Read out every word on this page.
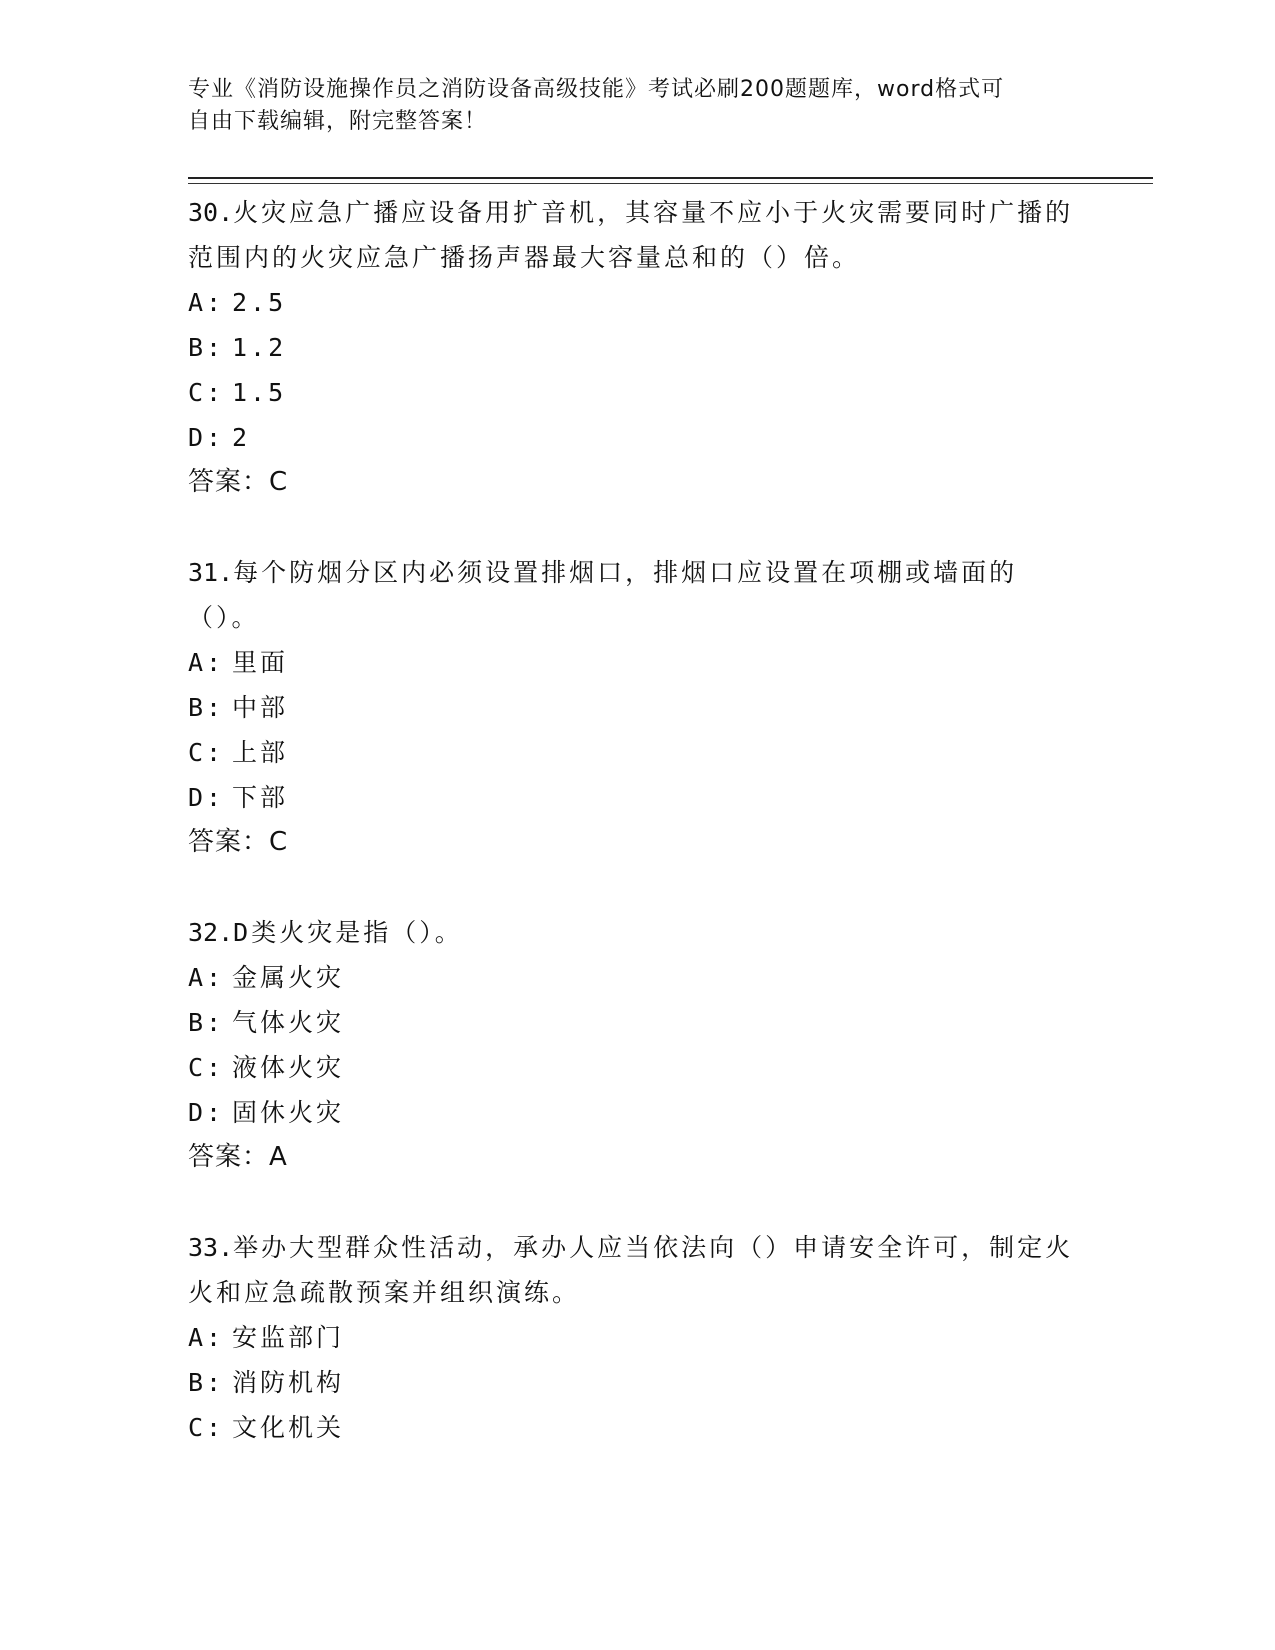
专业《消防设施操作员之消防设备高级技能》考试必刷200题题库，word格式可
自由下载编辑，附完整答案！
30.火灾应急广播应设备用扩音机，其容量不应小于火灾需要同时广播的范围内的火灾应急广播扬声器最大容量总和的（）倍。
A: 2.5
B: 1.2
C: 1.5
D: 2
答案：C
31.每个防烟分区内必须设置排烟口，排烟口应设置在项棚或墙面的（）。
A: 里面
B: 中部
C: 上部
D: 下部
答案：C
32.D类火灾是指（）。
A: 金属火灾
B: 气体火灾
C: 液体火灾
D: 固休火灾
答案：A
33.举办大型群众性活动，承办人应当依法向（）申请安全许可，制定火火和应急疏散预案并组织演练。
A: 安监部门
B: 消防机构
C: 文化机关
